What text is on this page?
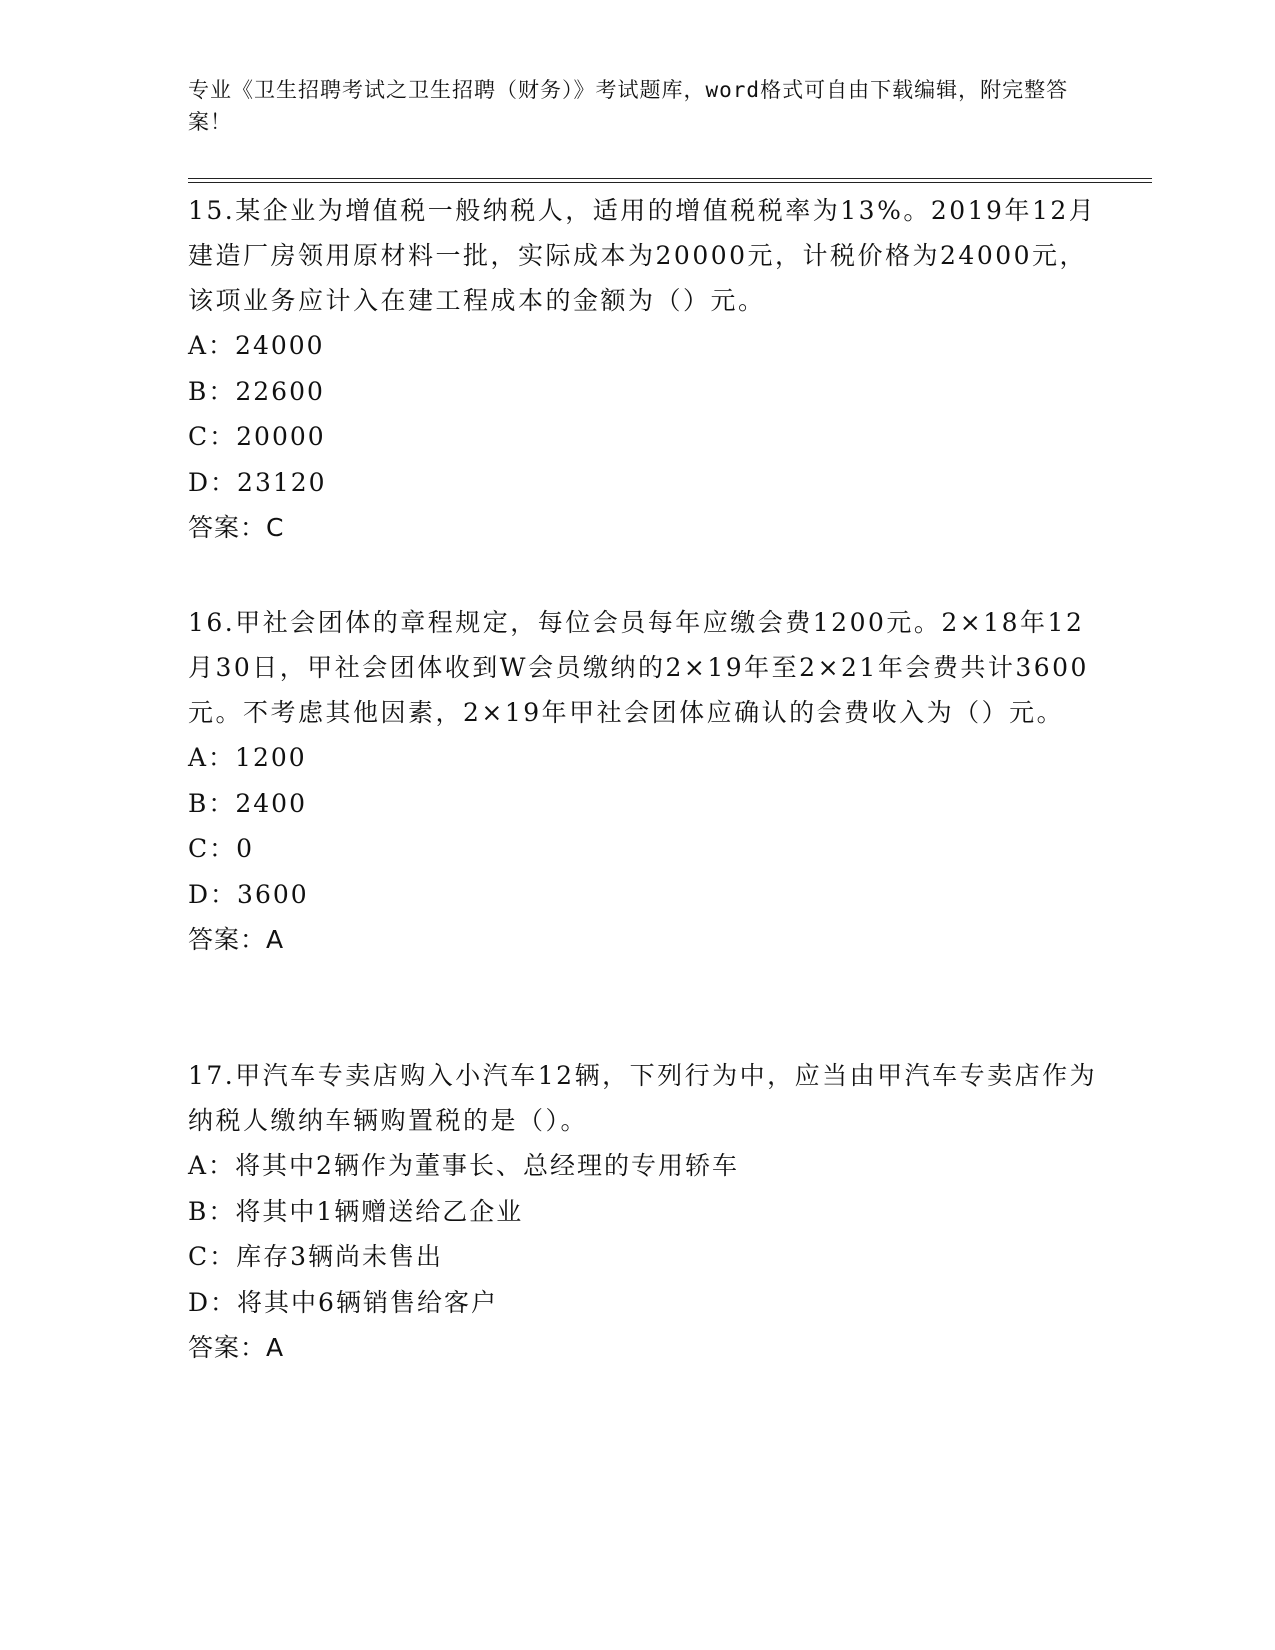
专业《卫生招聘考试之卫生招聘（财务）》考试题库，word格式可自由下载编辑，附完整答案！

15.某企业为增值税一般纳税人，适用的增值税税率为13%。2019年12月建造厂房领用原材料一批，实际成本为20000元，计税价格为24000元，该项业务应计入在建工程成本的金额为（）元。

A：24000

B：22600

C：20000

D：23120

答案：C

16.甲社会团体的章程规定，每位会员每年应缴会费1200元。2×18年12月30日，甲社会团体收到W会员缴纳的2×19年至2×21年会费共计3600元。不考虑其他因素，2×19年甲社会团体应确认的会费收入为（）元。

A：1200

B：2400

C：0

D：3600

答案：A

17.甲汽车专卖店购入小汽车12辆，下列行为中，应当由甲汽车专卖店作为纳税人缴纳车辆购置税的是（）。

A：将其中2辆作为董事长、总经理的专用轿车

B：将其中1辆赠送给乙企业

C：库存3辆尚未售出

D：将其中6辆销售给客户

答案：A
